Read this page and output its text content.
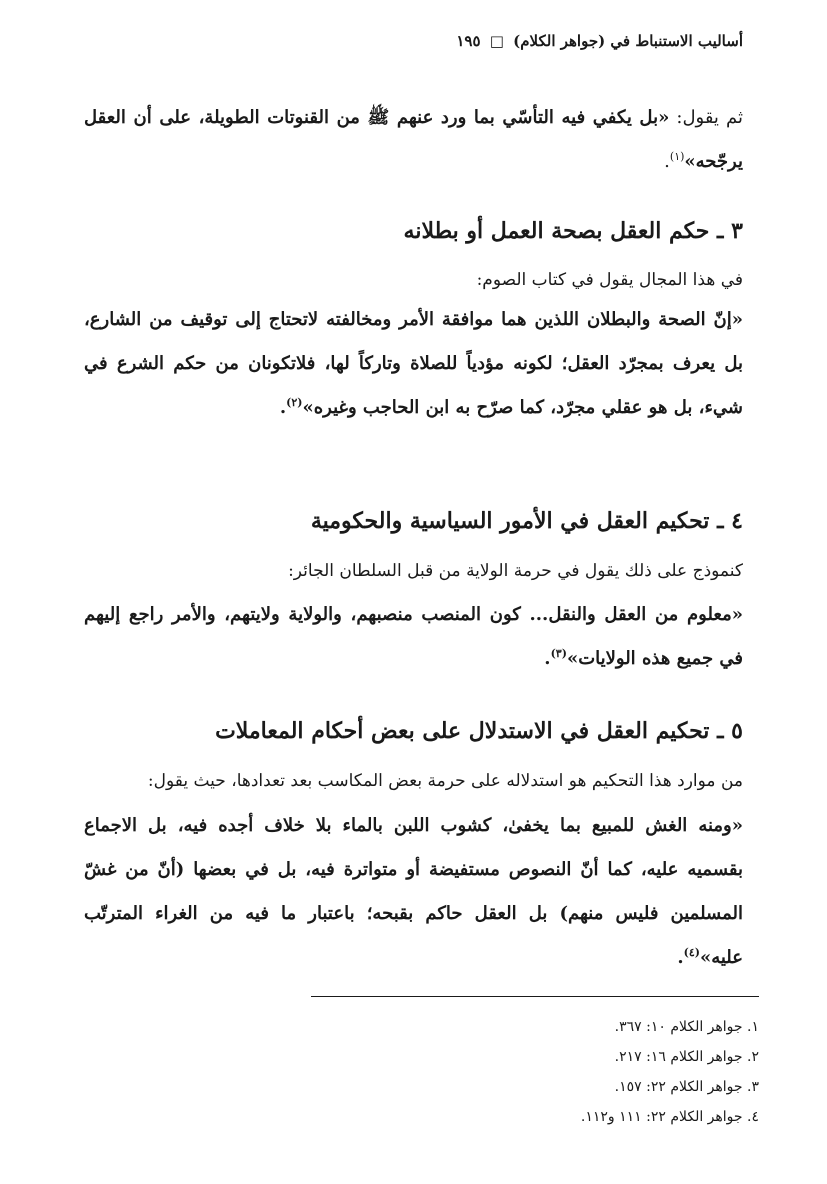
أساليب الاستنباط في (جواهر الكلام) □ ١٩٥
ثم يقول: «بل يكفي فيه التأسّي بما ورد عنهم ﷺ من القنوتات الطويلة، على أن العقل يرجّحه»$^{(١)}$.
٣ ـ حكم العقل بصحة العمل أو بطلانه
في هذا المجال يقول في كتاب الصوم:
«إنّ الصحة والبطلان اللذين هما موافقة الأمر ومخالفته لاتحتاج إلى توقيف من الشارع، بل يعرف بمجرّد العقل؛ لكونه مؤدياً للصلاة وتاركاً لها، فلاتكونان من حكم الشرع في شيء، بل هو عقلي مجرّد، كما صرّح به ابن الحاجب وغيره»$^{(٢)}$.
٤ ـ تحكيم العقل في الأمور السياسية والحكومية
كنموذج على ذلك يقول في حرمة الولاية من قبل السلطان الجائر:
«معلوم من العقل والنقل... كون المنصب منصبهم، والولاية ولايتهم، والأمر راجع إليهم في جميع هذه الولايات»$^{(٣)}$.
٥ ـ تحكيم العقل في الاستدلال على بعض أحكام المعاملات
من موارد هذا التحكيم هو استدلاله على حرمة بعض المكاسب بعد تعدادها، حيث يقول:
«ومنه الغش للمبيع بما يخفىٰ، كشوب اللبن بالماء بلا خلاف أجده فيه، بل الاجماع بقسميه عليه، كما أنّ النصوص مستفيضة أو متواترة فيه، بل في بعضها (أنّ من غشّ المسلمين فليس منهم) بل العقل حاكم بقبحه؛ باعتبار ما فيه من الغراء المترتّب عليه»$^{(٤)}$.
١. جواهر الكلام ١٠: ٣٦٧.
٢. جواهر الكلام ١٦: ٢١٧.
٣. جواهر الكلام ٢٢: ١٥٧.
٤. جواهر الكلام ٢٢: ١١١ و١١٢.
